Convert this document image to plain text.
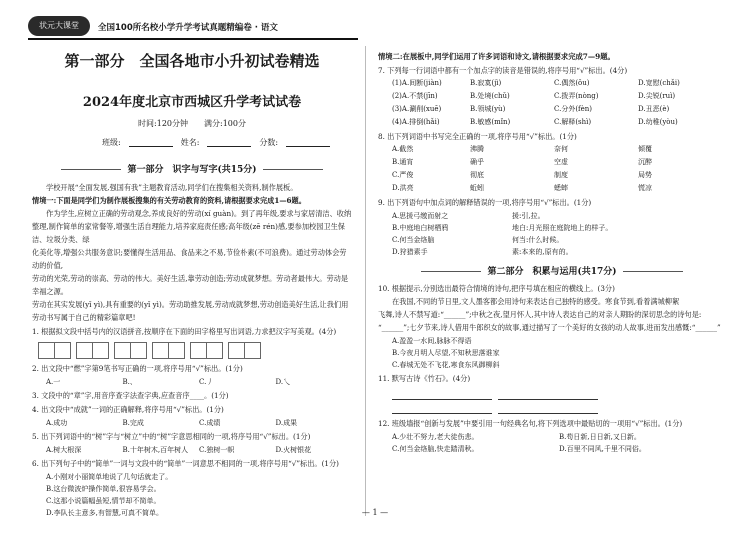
状元大课堂	全国100所名校小学升学考试真题精编卷 · 语文
第一部分　全国各地市小升初试卷精选
2024年度北京市西城区升学考试试卷
时间:120分钟　　满分:100分
班级:	姓名:	分数:
第一部分　识字与写字(共15分)

学校开展“全面发展,强国有我”主题教育活动,同学们在搜集相关资料,制作展板。

情境一:下面是同学们为制作展板搜集的有关劳动教育的资料,请根据要求完成1—6题。

作为学生,应树立正确的劳动观念,养成良好的劳动(xí guàn)。到了再年级,要求与家居清洁、收纳

整理,制作简单的家常餐等,增强生活自理能力,培养家庭责任感;高年级(zē rén)感,要参加校园卫生保洁、垃圾分类、绿

化美化等,增强公共服务意识;要懂得生活用品、食品来之不易,节俭朴素(不可浪费)。通过劳动体会劳动的价值,

劳动的光荣,劳动的崇高、劳动的伟大。美好生活,靠劳动创造;劳动成就梦想。劳动者最伟大。劳动是幸福之源。

劳动在其实发展(yǐ yì),具有重要的(yǐ yì)。劳动助推发展,劳动成就梦想,劳动创造美好生活,让我们用

劳动书写属于自己的精彩篇章吧!

1. 根据拟文段中括号内的汉语拼音,按顺序在下面的田字格里写出词语,力求把汉字写美观。(4分)

2. 出文段中“燃”字第9笔书写正确的一项,将序号用“√”标出。(1分)

A.一	B.、	C.丿	D.乀

3. 文段中的“章”字,用音序查字法查字典,应查音序____。(1分)

4. 出文段中“成就”一词的正确解释,将序号用“√”标出。(1分)

A.成功	B.完成	C.成绩	D.成果

5. 出下列词语中的“树”字与“树立”中的“树”字意思相同的一项,将序号用“√”标出。(1分)

A.树大根深	B.十年树木,百年树人	C.独树一帜	D.火树银花

6. 出下列句子中的“简单”一词与文段中的“简单”一词意思不相同的一项,将序号用“√”标出。(1分)

A.小刚对小丽简单地说了几句话就走了。
B.这台微波炉操作简单,很容易学会。
C.这那小说篇幅虽短,情节却不简单。
D.李队长主意多,有智慧,可真不简单。

情境二:在展板中,同学们运用了许多词语和诗文,请根据要求完成7—9题。

7. 下列每一行词语中都有一个加点字的读音是错误的,将序号用“√”标出。(4分)

(1)A.间断(jiàn)	B.寂寞(jì)	C.偶然(ǒu)	D.宽慰(chǎi)
(2)A.不禁(jīn)	B.处境(chǔ)	C.拨弄(nòng)	D.尖锐(ruì)
(3)A.涮削(xuē)	B.领城(yù)	C.分外(fèn)	D.丑恶(è)
(4)A.排倒(hǎi)	B.敏感(mǐn)	C.解释(shì)	D.幼稚(yòu)

8. 出下列词语中书写完全正确的一项,将序号用“√”标出。(1分)

A.截然	沸腾	奈何	倾覆
B.通宵	确乎	空虚	沉醉
C.严俊	彻底	制度	局势
D.洪亮	蚯蚓	蟋蟀	慌凉

9. 出下列语句中加点词的解释错误的一项,将序号用“√”标出。(1分)

A.思援弓缴而射之	援:引,拉。
B.中庭地白树栖鸦	地白:月光照在庭院地上的样子。
C.何当金络脑	何当:什么时候。
D.狩猎素手	素:本来的,原有的。
第二部分　积累与运用(共17分)

10. 根据提示,分别选出最符合情境的诗句,把序号填在相应的横线上。(3分)

在我国,不同的节日里,文人墨客都会用诗句来表达自己独特的感受。寒食节到,看着满城柳絮

飞舞,诗人不禁写道:“______”;中秋之夜,望月怀人,其中诗人表达自己的对亲人期盼的深切思念的诗句是:

“______”;七夕节来,诗人借用牛郎织女的故事,通过描写了一个美好的女孩的动人故事,进而发出感慨:“______”

A.盈盈一水间,脉脉不得语
B.今夜月明人尽望,不知秋思落谁家
C.春城无处不飞花,寒食东风御柳斜

11. 默写古诗《竹石》。(4分)

12. 班级墙报“创新与发展”中要引用一句经典名句,将下列选项中最贴切的一项用“√”标出。(1分)

A.少壮不努力,老大徒伤悲。	B.苟日新,日日新,又日新。
C.何当金络脑,快走踏清秋。	D.百里不同风,千里不同俗。
— 1 —
